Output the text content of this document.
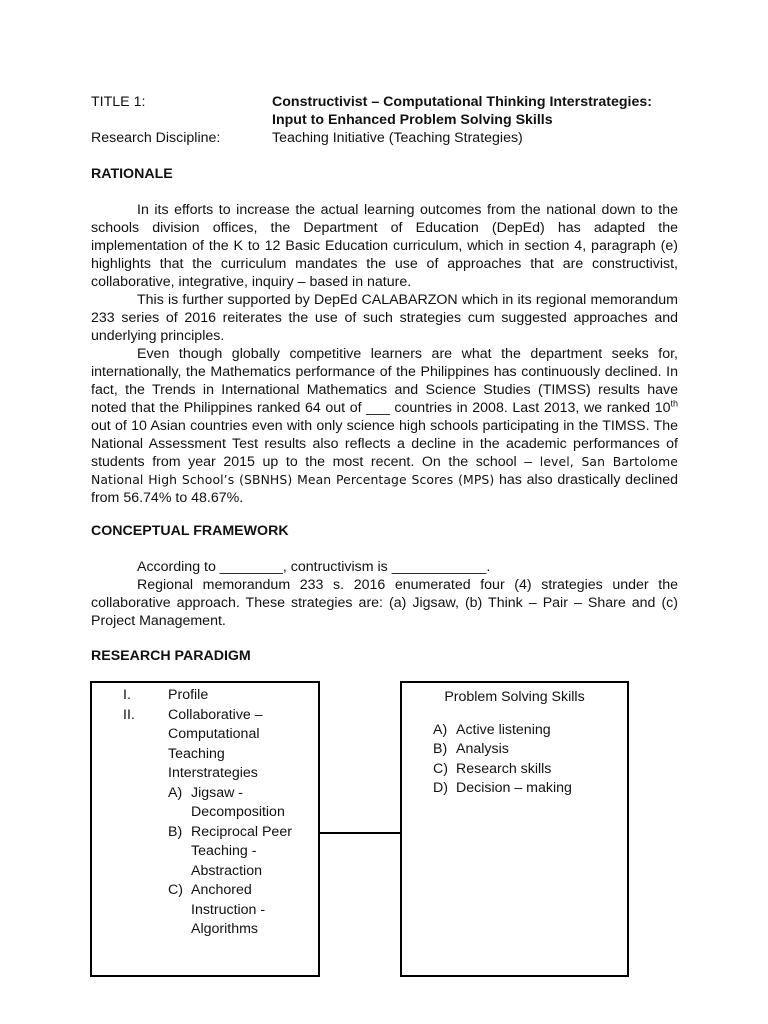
TITLE 1:	Constructivist – Computational Thinking Interstrategies:
Input to Enhanced Problem Solving Skills
Research Discipline:	Teaching Initiative (Teaching Strategies)
RATIONALE

In its efforts to increase the actual learning outcomes from the national down to the schools division offices, the Department of Education (DepEd) has adapted the implementation of the K to 12 Basic Education curriculum, which in section 4, paragraph (e) highlights that the curriculum mandates the use of approaches that are constructivist, collaborative, integrative, inquiry – based in nature.

This is further supported by DepEd CALABARZON which in its regional memorandum 233 series of 2016 reiterates the use of such strategies cum suggested approaches and underlying principles.

Even though globally competitive learners are what the department seeks for, internationally, the Mathematics performance of the Philippines has continuously declined. In fact, the Trends in International Mathematics and Science Studies (TIMSS) results have noted that the Philippines ranked 64 out of ___ countries in 2008. Last 2013, we ranked 10th out of 10 Asian countries even with only science high schools participating in the TIMSS. The National Assessment Test results also reflects a decline in the academic performances of students from year 2015 up to the most recent. On the school – level, San Bartolome National High School’s (SBNHS) Mean Percentage Scores (MPS) has also drastically declined from 56.74% to 48.67%.

CONCEPTUAL FRAMEWORK

According to ________, contructivism is ____________.

Regional memorandum 233 s. 2016 enumerated four (4) strategies under the collaborative approach. These strategies are: (a) Jigsaw, (b) Think – Pair – Share and (c) Project Management.

RESEARCH PARADIGM
I.	Profile
II. Collaborative –
Computational
Teaching
Interstrategies
A) Jigsaw -
Decomposition
B) Reciprocal Peer
Teaching -
Abstraction
C) Anchored
Instruction -
Algorithms
Problem Solving Skills
A) Active listening
B) Analysis
C) Research skills
D) Decision – making
